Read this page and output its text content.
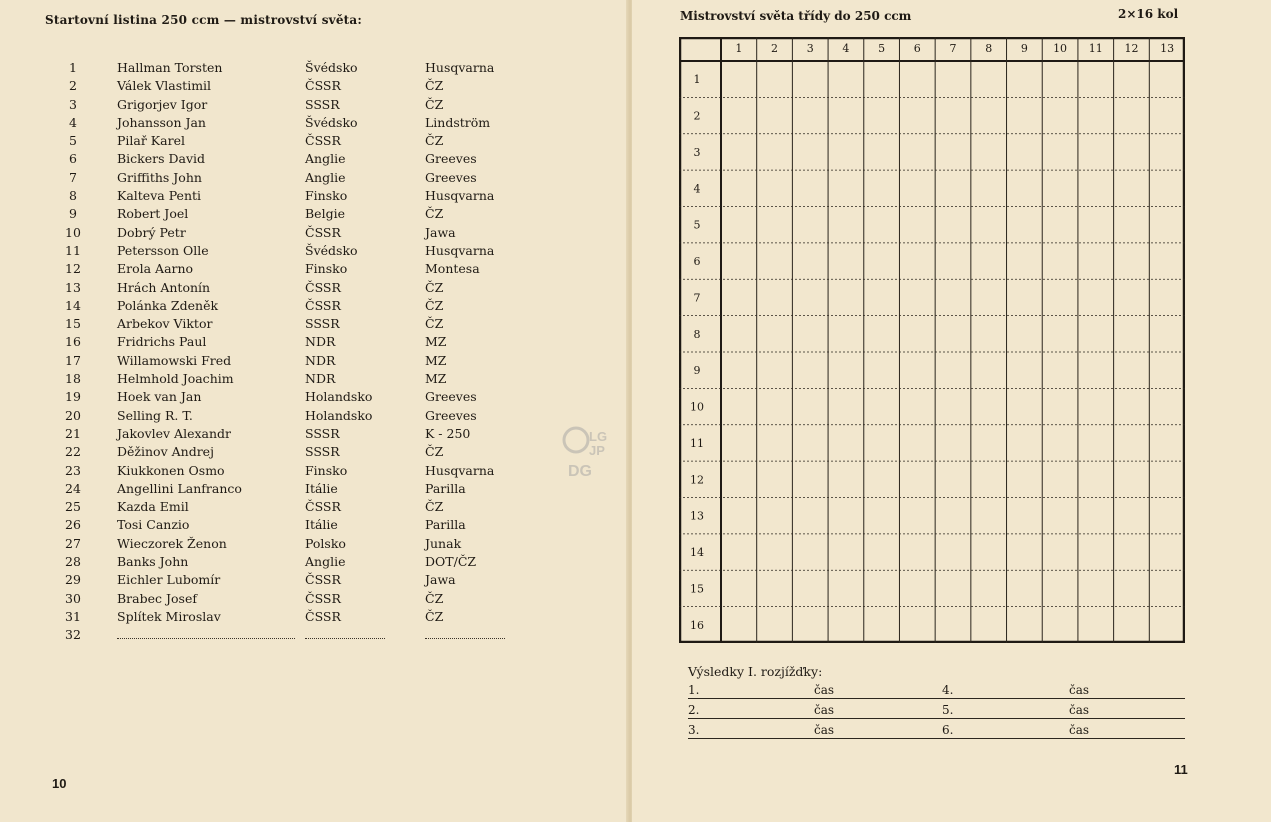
Startovní listina 250 ccm — mistrovství světa:
1	Hallman Torsten	Švédsko	Husqvarna
2	Válek Vlastimil	ČSSR	ČZ
3	Grigorjev Igor	SSSR	ČZ
4	Johansson Jan	Švédsko	Lindström
5	Pilař Karel	ČSSR	ČZ
6	Bickers David	Anglie	Greeves
7	Griffiths John	Anglie	Greeves
8	Kalteva Penti	Finsko	Husqvarna
9	Robert Joel	Belgie	ČZ
10	Dobrý Petr	ČSSR	Jawa
11	Petersson Olle	Švédsko	Husqvarna
12	Erola Aarno	Finsko	Montesa
13	Hrách Antonín	ČSSR	ČZ
14	Polánka Zdeněk	ČSSR	ČZ
15	Arbekov Viktor	SSSR	ČZ
16	Fridrichs Paul	NDR	MZ
17	Willamowski Fred	NDR	MZ
18	Helmhold Joachim	NDR	MZ
19	Hoek van Jan	Holandsko	Greeves
20	Selling R. T.	Holandsko	Greeves
21	Jakovlev Alexandr	SSSR	K - 250
22	Děžinov Andrej	SSSR	ČZ
23	Kiukkonen Osmo	Finsko	Husqvarna
24	Angellini Lanfranco	Itálie	Parilla
25	Kazda Emil	ČSSR	ČZ
26	Tosi Canzio	Itálie	Parilla
27	Wieczorek Ženon	Polsko	Junak
28	Banks John	Anglie	DOT/ČZ
29	Eichler Lubomír	ČSSR	Jawa
30	Brabec Josef	ČSSR	ČZ
31	Splítek Miroslav	ČSSR	ČZ
32
10
Mistrovství světa třídy do 250 ccm	2×16 kol
1	2	3	4	5	6	7	8	9 10 11 12 13
1
2
3
4
5
6
7
8
9
10
11
12
13
14
15
16
Výsledky I. rozjížďky:
1.	čas	4.	čas
2.	čas	5.	čas
3.	čas	6.	čas
11
LG
JP
DG
